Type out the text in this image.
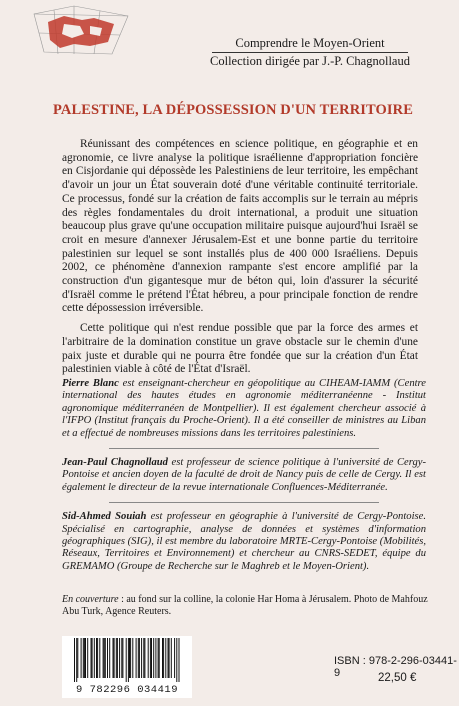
Comprendre le Moyen-Orient
Collection dirigée par J.-P. Chagnollaud
PALESTINE, LA DÉPOSSESSION D'UN TERRITOIRE

Réunissant des compétences en science politique, en géographie et en agronomie, ce livre analyse la politique israélienne d'appropriation foncière en Cisjordanie qui dépossède les Palestiniens de leur territoire, les empêchant d'avoir un jour un État souverain doté d'une véritable continuité territoriale. Ce processus, fondé sur la création de faits accomplis sur le terrain au mépris des règles fondamentales du droit international, a produit une situation beaucoup plus grave qu'une occupation militaire puisque aujourd'hui Israël se croit en mesure d'annexer Jérusalem-Est et une bonne partie du territoire palestinien sur lequel se sont installés plus de 400 000 Israéliens. Depuis 2002, ce phénomène d'annexion rampante s'est encore amplifié par la construction d'un gigantesque mur de béton qui, loin d'assurer la sécurité d'Israël comme le prétend l'État hébreu, a pour principale fonction de rendre cette dépossession irréversible.

Cette politique qui n'est rendue possible que par la force des armes et l'arbitraire de la domination constitue un grave obstacle sur le chemin d'une paix juste et durable qui ne pourra être fondée que sur la création d'un État palestinien viable à côté de l'État d'Israël.

Pierre Blanc est enseignant-chercheur en géopolitique au CIHEAM-IAMM (Centre international des hautes études en agronomie méditerranéenne - Institut agronomique méditerranéen de Montpellier). Il est également chercheur associé à l'IFPO (Institut français du Proche-Orient). Il a été conseiller de ministres au Liban et a effectué de nombreuses missions dans les territoires palestiniens.
Jean-Paul Chagnollaud est professeur de science politique à l'université de Cergy-Pontoise et ancien doyen de la faculté de droit de Nancy puis de celle de Cergy. Il est également le directeur de la revue internationale Confluences-Méditerranée.
Sid-Ahmed Souiah est professeur en géographie à l'université de Cergy-Pontoise. Spécialisé en cartographie, analyse de données et systèmes d'information géographiques (SIG), il est membre du laboratoire MRTE-Cergy-Pontoise (Mobilités, Réseaux, Territoires et Environnement) et chercheur au CNRS-SEDET, équipe du GREMAMO (Groupe de Recherche sur le Maghreb et le Moyen-Orient).
En couverture : au fond sur la colline, la colonie Har Homa à Jérusalem. Photo de Mahfouz Abu Turk, Agence Reuters.
9 782296 034419
ISBN : 978-2-296-03441-9	22,50 €
